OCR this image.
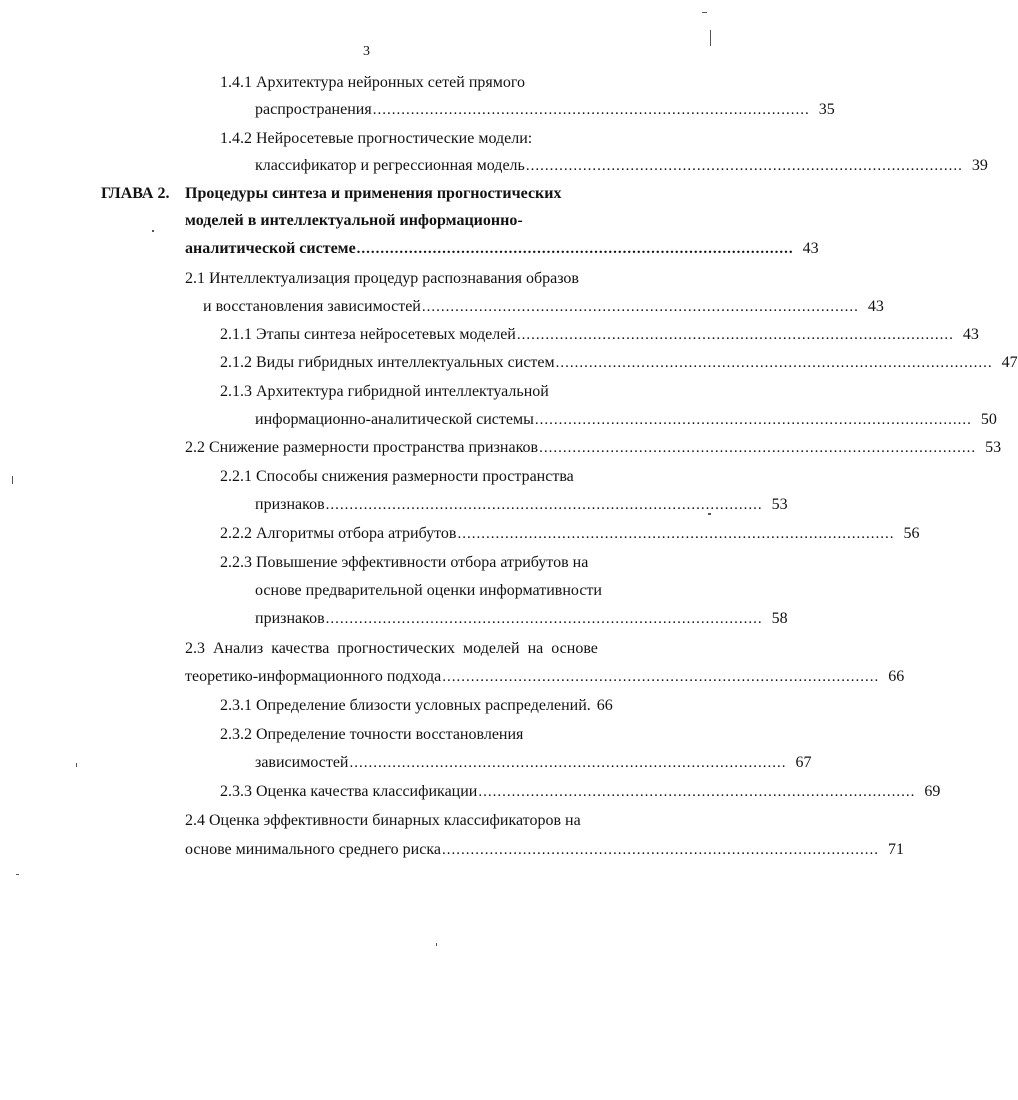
3
1.4.1
Архитектура нейронных сетей прямого
распространения ............................................................................................ 35
1.4.2
Нейросетевые прогностические модели:
классификатор и регрессионная модель ............................................................................................ 39
ГЛАВА 2. Процедуры синтеза и применения прогностических
моделей в интеллектуальной информационно-
аналитической системе ............................................................................................ 43
2.1
Интеллектуализация процедур распознавания образов
и восстановления зависимостей ............................................................................................ 43
2.1.1
Этапы синтеза нейросетевых моделей ............................................................................................ 43
2.1.2
Виды гибридных интеллектуальных систем ............................................................................................ 47
2.1.3
Архитектура гибридной интеллектуальной
информационно-аналитической системы ............................................................................................ 50
2.2
Снижение размерности пространства признаков ............................................................................................ 53
2.2.1
Способы снижения размерности пространства
признаков ............................................................................................ 53
2.2.2
Алгоритмы отбора атрибутов ............................................................................................ 56
2.2.3
Повышение эффективности отбора атрибутов на
основе предварительной оценки информативности
признаков ............................................................................................ 58
2.3
Анализ качества прогностических моделей на основе
теоретико-информационного подхода ............................................................................................ 66
2.3.1
Определение близости условных распределений. 66
2.3.2
Определение точности восстановления
зависимостей ............................................................................................ 67
2.3.3
Оценка качества классификации ............................................................................................ 69
2.4
Оценка эффективности бинарных классификаторов на
основе минимального среднего риска ............................................................................................ 71
